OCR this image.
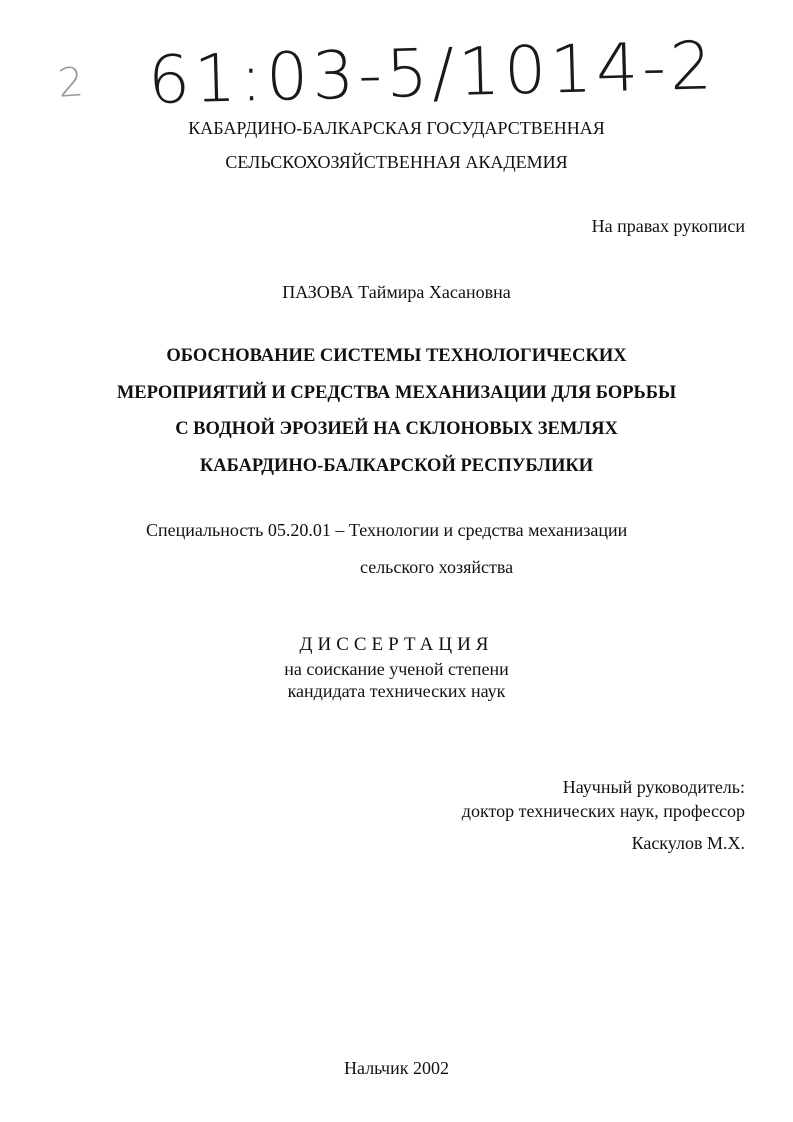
2 61:03-5/1014-2
КАБАРДИНО-БАЛКАРСКАЯ ГОСУДАРСТВЕННАЯ
СЕЛЬСКОХОЗЯЙСТВЕННАЯ АКАДЕМИЯ
На правах рукописи
ПАЗОВА Таймира Хасановна
ОБОСНОВАНИЕ СИСТЕМЫ ТЕХНОЛОГИЧЕСКИХ
МЕРОПРИЯТИЙ И СРЕДСТВА МЕХАНИЗАЦИИ ДЛЯ БОРЬБЫ
С ВОДНОЙ ЭРОЗИЕЙ НА СКЛОНОВЫХ ЗЕМЛЯХ
КАБАРДИНО-БАЛКАРСКОЙ РЕСПУБЛИКИ
Специальность 05.20.01 – Технологии и средства механизации
сельского хозяйства
ДИССЕРТАЦИЯ
на соискание ученой степени
кандидата технических наук
Научный руководитель:
доктор технических наук, профессор
Каскулов М.Х.
Нальчик 2002
